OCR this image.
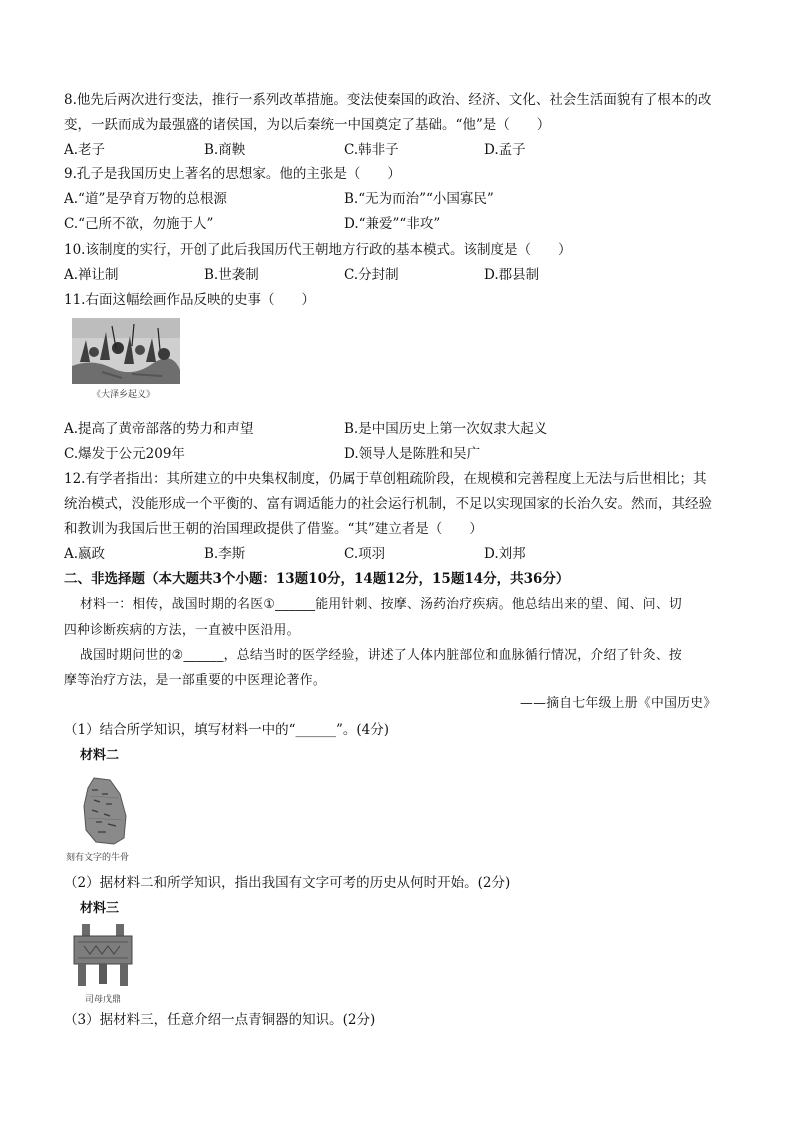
8.他先后两次进行变法，推行一系列改革措施。变法使秦国的政治、经济、文化、社会生活面貌有了根本的改
变，一跃而成为最强盛的诸侯国，为以后秦统一中国奠定了基础。“他”是（　　）
A.老子	B.商鞅	C.韩非子	D.孟子
9.孔子是我国历史上著名的思想家。他的主张是（　　）
A.“道”是孕育万物的总根源	B.“无为而治”“小国寡民”
C.“己所不欲，勿施于人”	D.“兼爱”“非攻”
10.该制度的实行，开创了此后我国历代王朝地方行政的基本模式。该制度是（　　）
A.禅让制	B.世袭制	C.分封制	D.郡县制
11.右面这幅绘画作品反映的史事（　　）
《大泽乡起义》
A.提高了黄帝部落的势力和声望	B.是中国历史上第一次奴隶大起义
C.爆发于公元209年	D.领导人是陈胜和吴广
12.有学者指出：其所建立的中央集权制度，仍属于草创粗疏阶段，在规模和完善程度上无法与后世相比；其
统治模式，没能形成一个平衡的、富有调适能力的社会运行机制，不足以实现国家的长治久安。然而，其经验
和教训为我国后世王朝的治国理政提供了借鉴。“其”建立者是（　　）
A.嬴政	B.李斯	C.项羽	D.刘邦
二、非选择题（本大题共3个小题：13题10分，14题12分，15题14分，共36分）
材料一：相传，战国时期的名医①______能用针刺、按摩、汤药治疗疾病。他总结出来的望、闻、问、切
四种诊断疾病的方法，一直被中医沿用。
战国时期问世的②______，总结当时的医学经验，讲述了人体内脏部位和血脉循行情况，介绍了针灸、按
摩等治疗方法，是一部重要的中医理论著作。
——摘自七年级上册《中国历史》
（1）结合所学知识，填写材料一中的“______”。(4分)
材料二
刻有文字的牛骨
（2）据材料二和所学知识，指出我国有文字可考的历史从何时开始。(2分)
材料三
司母戊鼎
（3）据材料三，任意介绍一点青铜器的知识。(2分)
